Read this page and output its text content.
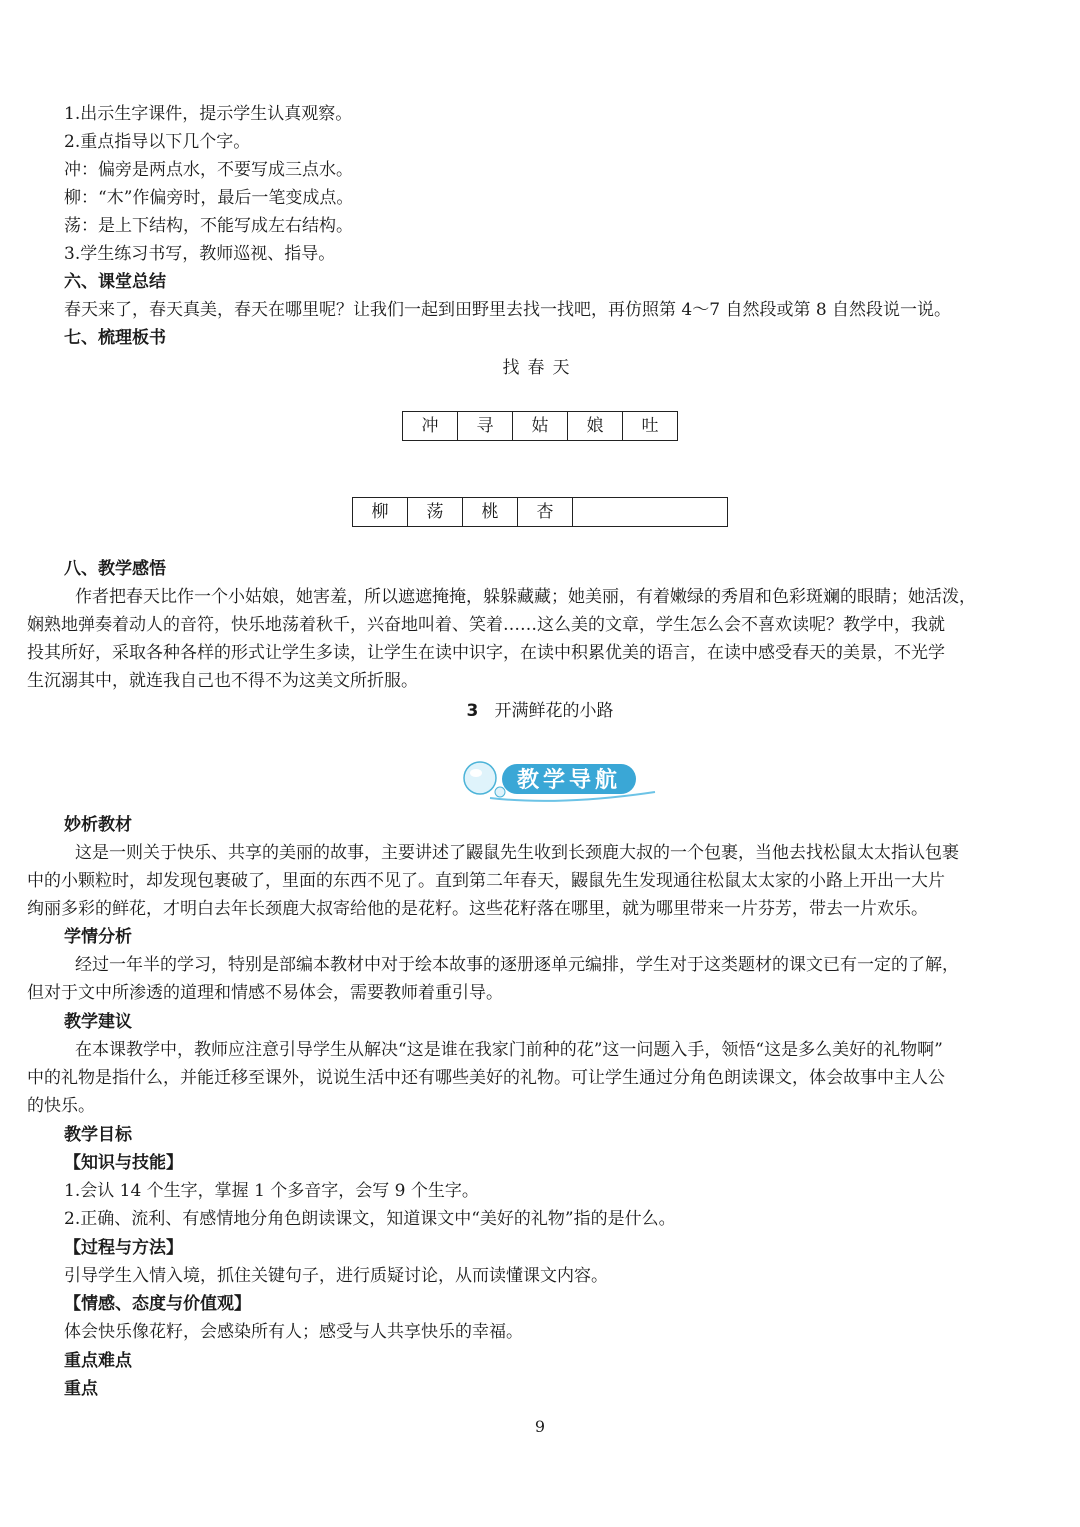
1.出示生字课件，提示学生认真观察。
2.重点指导以下几个字。
冲：偏旁是两点水，不要写成三点水。
柳：“木”作偏旁时，最后一笔变成点。
荡：是上下结构，不能写成左右结构。
3.学生练习书写，教师巡视、指导。
六、课堂总结
春天来了，春天真美，春天在哪里呢？让我们一起到田野里去找一找吧，再仿照第 4～7 自然段或第 8 自然段说一说。
七、梳理板书
找春天
冲	寻	姑	娘	吐
柳	荡	桃	杏
八、教学感悟
作者把春天比作一个小姑娘，她害羞，所以遮遮掩掩，躲躲藏藏；她美丽，有着嫩绿的秀眉和色彩斑斓的眼睛；她活泼，
娴熟地弹奏着动人的音符，快乐地荡着秋千，兴奋地叫着、笑着……这么美的文章，学生怎么会不喜欢读呢？教学中，我就
投其所好，采取各种各样的形式让学生多读，让学生在读中识字，在读中积累优美的语言，在读中感受春天的美景，不光学
生沉溺其中，就连我自己也不得不为这美文所折服。
3 开满鲜花的小路
教学导航
妙析教材
这是一则关于快乐、共享的美丽的故事，主要讲述了鼹鼠先生收到长颈鹿大叔的一个包裹，当他去找松鼠太太指认包裹
中的小颗粒时，却发现包裹破了，里面的东西不见了。直到第二年春天，鼹鼠先生发现通往松鼠太太家的小路上开出一大片
绚丽多彩的鲜花，才明白去年长颈鹿大叔寄给他的是花籽。这些花籽落在哪里，就为哪里带来一片芬芳，带去一片欢乐。
学情分析
经过一年半的学习，特别是部编本教材中对于绘本故事的逐册逐单元编排，学生对于这类题材的课文已有一定的了解，
但对于文中所渗透的道理和情感不易体会，需要教师着重引导。
教学建议
在本课教学中，教师应注意引导学生从解决“这是谁在我家门前种的花”这一问题入手，领悟“这是多么美好的礼物啊”
中的礼物是指什么，并能迁移至课外，说说生活中还有哪些美好的礼物。可让学生通过分角色朗读课文，体会故事中主人公
的快乐。
教学目标
【知识与技能】
1.会认 14 个生字，掌握 1 个多音字，会写 9 个生字。
2.正确、流利、有感情地分角色朗读课文，知道课文中“美好的礼物”指的是什么。
【过程与方法】
引导学生入情入境，抓住关键句子，进行质疑讨论，从而读懂课文内容。
【情感、态度与价值观】
体会快乐像花籽，会感染所有人；感受与人共享快乐的幸福。
重点难点
重点
9
